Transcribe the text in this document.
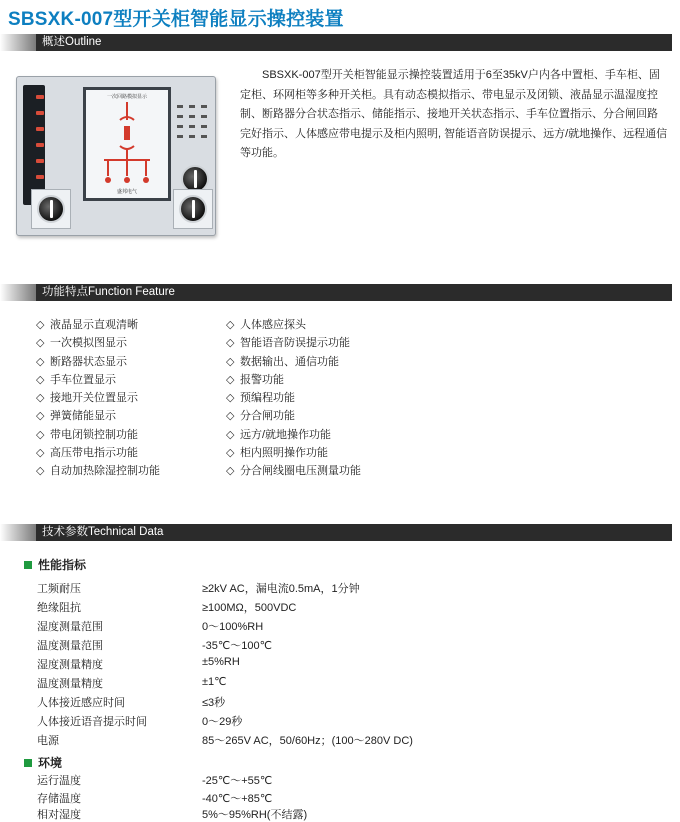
SBSXK-007型开关柜智能显示操控装置
概述Outline
一次回路模拟显示
盛邦电气

SBSXK-007型开关柜智能显示操控装置适用于6至35kV户内各中置柜、手车柜、固定柜、环网柜等多种开关柜。具有动态模拟指示、带电显示及闭锁、液晶显示温湿度控制、断路器分合状态指示、储能指示、接地开关状态指示、手车位置指示、分合闸回路完好指示、人体感应带电提示及柜内照明, 智能语音防误提示、远方/就地操作、远程通信等功能。

功能特点Function Feature
◇ 液晶显示直观清晰
◇ 一次模拟图显示
◇ 断路器状态显示
◇ 手车位置显示
◇ 接地开关位置显示
◇ 弹簧储能显示
◇ 带电闭锁控制功能
◇ 高压带电指示功能
◇ 自动加热除湿控制功能
◇ 人体感应探头
◇ 智能语音防误提示功能
◇ 数据输出、通信功能
◇ 报警功能
◇ 预编程功能
◇ 分合闸功能
◇ 远方/就地操作功能
◇ 柜内照明操作功能
◇ 分合闸线圈电压测量功能
技术参数Technical Data
性能指标
工频耐压	≥2kV AC，漏电流0.5mA，1分钟
绝缘阻抗	≥100MΩ，500VDC
湿度测量范围	0～100%RH
温度测量范围	-35℃～100℃
湿度测量精度	±5%RH
温度测量精度	±1℃
人体接近感应时间	≤3秒
人体接近语音提示时间	0～29秒
电源	85～265V AC，50/60Hz；(100～280V DC)
环境
运行温度	-25℃～+55℃
存储温度	-40℃～+85℃
相对湿度	5%～95%RH(不结露)
